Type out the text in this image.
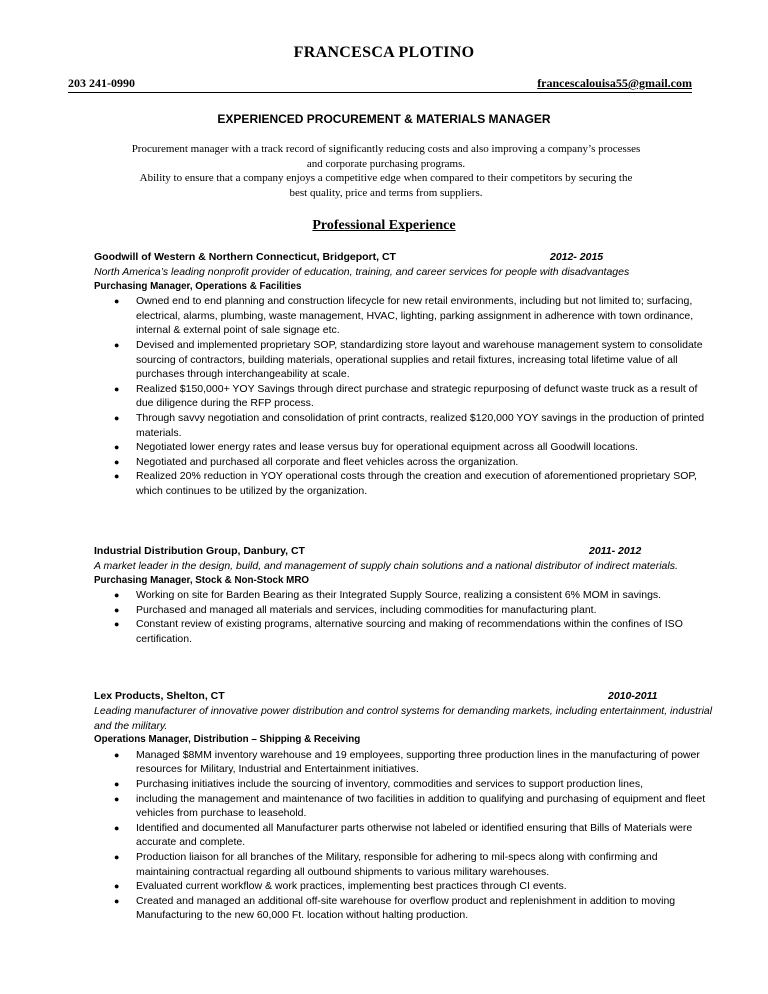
FRANCESCA PLOTINO
203 241-0990	francescalouisa55@gmail.com
EXPERIENCED PROCUREMENT & MATERIALS MANAGER
Procurement manager with a track record of significantly reducing costs and also improving a company’s processes
and corporate purchasing programs.
Ability to ensure that a company enjoys a competitive edge when compared to their competitors by securing the
best quality, price and terms from suppliers.
Professional Experience
Goodwill of Western & Northern Connecticut, Bridgeport, CT	2012- 2015
North America’s leading nonprofit provider of education, training, and career services for people with disadvantages
Purchasing Manager, Operations & Facilities
● Owned end to end planning and construction lifecycle for new retail environments, including but not limited to; surfacing, electrical, alarms, plumbing, waste management, HVAC, lighting, parking assignment in adherence with town ordinance, internal & external point of sale signage etc.
● Devised and implemented proprietary SOP, standardizing store layout and warehouse management system to consolidate sourcing of contractors, building materials, operational supplies and retail fixtures, increasing total lifetime value of all purchases through interchangeability at scale.
● Realized $150,000+ YOY Savings through direct purchase and strategic repurposing of defunct waste truck as a result of due diligence during the RFP process.
● Through savvy negotiation and consolidation of print contracts, realized $120,000 YOY savings in the production of printed materials.
● Negotiated lower energy rates and lease versus buy for operational equipment across all Goodwill locations.
● Negotiated and purchased all corporate and fleet vehicles across the organization.
● Realized 20% reduction in YOY operational costs through the creation and execution of aforementioned proprietary SOP, which continues to be utilized by the organization.
Industrial Distribution Group, Danbury, CT	2011- 2012
A market leader in the design, build, and management of supply chain solutions and a national distributor of indirect materials.
Purchasing Manager, Stock & Non-Stock MRO
● Working on site for Barden Bearing as their Integrated Supply Source, realizing a consistent 6% MOM in savings.
● Purchased and managed all materials and services, including commodities for manufacturing plant.
● Constant review of existing programs, alternative sourcing and making of recommendations within the confines of ISO certification.
Lex Products, Shelton, CT	2010-2011
Leading manufacturer of innovative power distribution and control systems for demanding markets, including entertainment, industrial and the military.
Operations Manager, Distribution – Shipping & Receiving
● Managed $8MM inventory warehouse and 19 employees, supporting three production lines in the manufacturing of power resources for Military, Industrial and Entertainment initiatives.
● Purchasing initiatives include the sourcing of inventory, commodities and services to support production lines,
● including the management and maintenance of two facilities in addition to qualifying and purchasing of equipment and fleet vehicles from purchase to leasehold.
● Identified and documented all Manufacturer parts otherwise not labeled or identified ensuring that Bills of Materials were accurate and complete.
● Production liaison for all branches of the Military, responsible for adhering to mil-specs along with confirming and maintaining contractual regarding all outbound shipments to various military warehouses.
● Evaluated current workflow & work practices, implementing best practices through CI events.
● Created and managed an additional off-site warehouse for overflow product and replenishment in addition to moving Manufacturing to the new 60,000 Ft. location without halting production.
